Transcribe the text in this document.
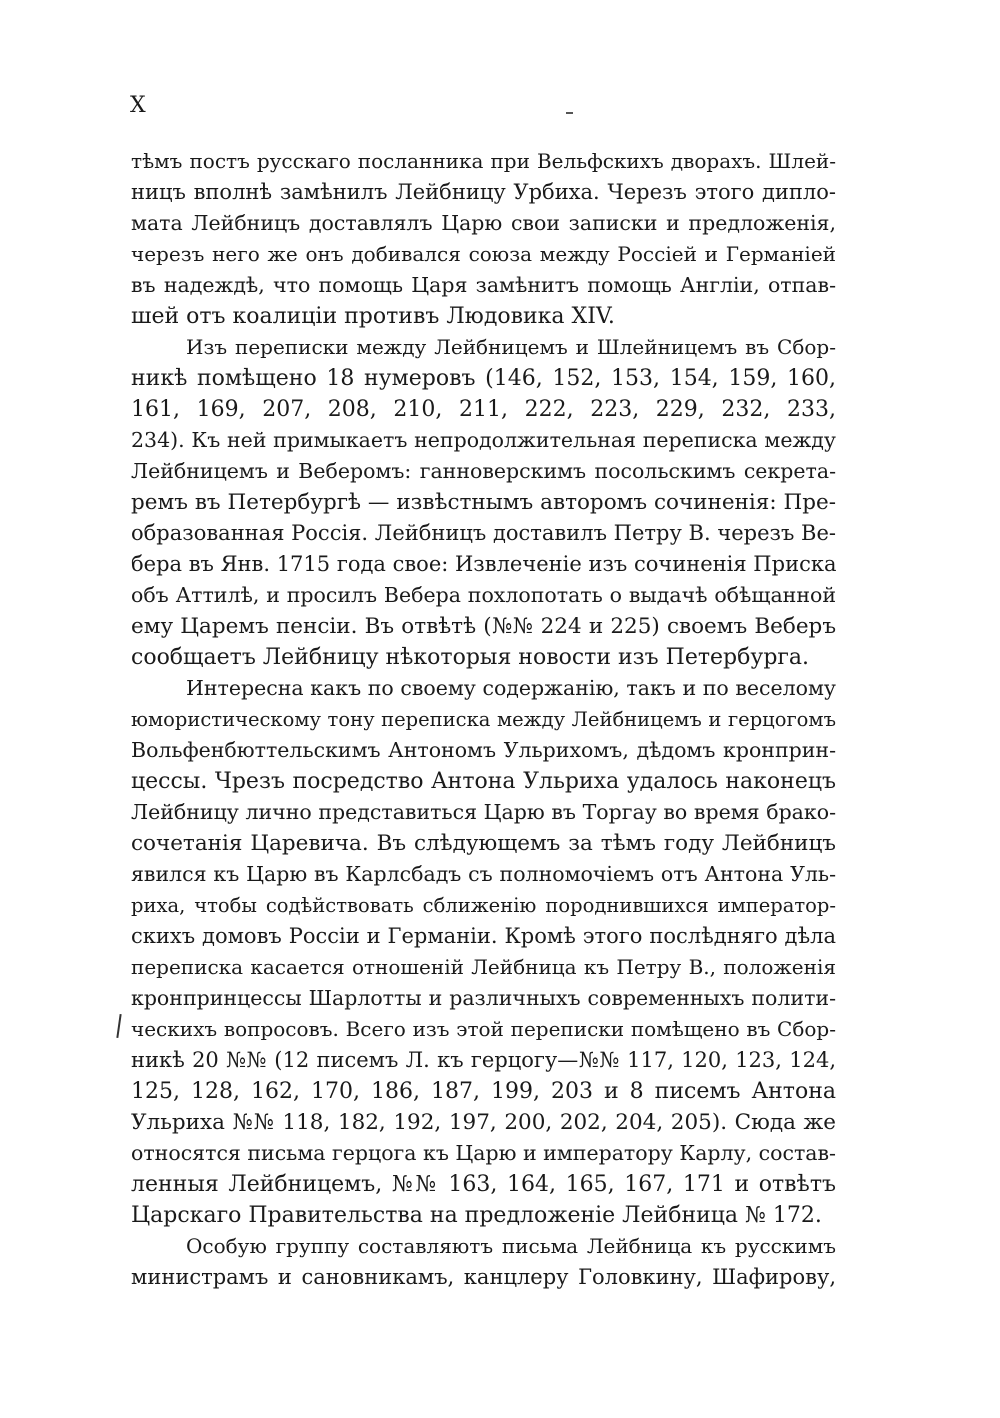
X
тѣмъ постъ русскаго посланника при Вельфскихъ дворахъ. Шлей-
ницъ вполнѣ замѣнилъ Лейбницу Урбиха. Черезъ этого дипло-
мата Лейбницъ доставлялъ Царю свои записки и предложенія,
черезъ него же онъ добивался союза между Россіей и Германіей
въ надеждѣ, что помощь Царя замѣнитъ помощь Англіи, отпав-
шей отъ коалиціи противъ Людовика XIV.
Изъ переписки между Лейбницемъ и Шлейницемъ въ Сбор-
никѣ помѣщено 18 нумеровъ (146, 152, 153, 154, 159, 160,
161, 169, 207, 208, 210, 211, 222, 223, 229, 232, 233,
234). Къ ней примыкаетъ непродолжительная переписка между
Лейбницемъ и Веберомъ: ганноверскимъ посольскимъ секрета-
ремъ въ Петербургѣ — извѣстнымъ авторомъ сочиненія: Пре-
образованная Россія. Лейбницъ доставилъ Петру В. черезъ Ве-
бера въ Янв. 1715 года свое: Извлеченіе изъ сочиненія Приска
объ Аттилѣ, и просилъ Вебера похлопотать о выдачѣ обѣщанной
ему Царемъ пенсіи. Въ отвѣтѣ (№№ 224 и 225) своемъ Веберъ
сообщаетъ Лейбницу нѣкоторыя новости изъ Петербурга.
Интересна какъ по своему содержанію, такъ и по веселому
юмористическому тону переписка между Лейбницемъ и герцогомъ
Вольфенбюттельскимъ Антономъ Ульрихомъ, дѣдомъ кронприн-
цессы. Чрезъ посредство Антона Ульриха удалось наконецъ
Лейбницу лично представиться Царю въ Торгау во время брако-
сочетанія Царевича. Въ слѣдующемъ за тѣмъ году Лейбницъ
явился къ Царю въ Карлсбадъ съ полномочіемъ отъ Антона Уль-
риха, чтобы содѣйствовать сближенію породнившихся император-
скихъ домовъ Россіи и Германіи. Кромѣ этого послѣдняго дѣла
переписка касается отношеній Лейбница къ Петру В., положенія
кронпринцессы Шарлотты и различныхъ современныхъ полити-
ческихъ вопросовъ. Всего изъ этой переписки помѣщено въ Сбор-
никѣ 20 №№ (12 писемъ Л. къ герцогу—№№ 117, 120, 123, 124,
125, 128, 162, 170, 186, 187, 199, 203 и 8 писемъ Антона
Ульриха №№ 118, 182, 192, 197, 200, 202, 204, 205). Сюда же
относятся письма герцога къ Царю и императору Карлу, состав-
ленныя Лейбницемъ, №№ 163, 164, 165, 167, 171 и отвѣтъ
Царскаго Правительства на предложеніе Лейбница № 172.
Особую группу составляютъ письма Лейбница къ русскимъ
министрамъ и сановникамъ, канцлеру Головкину, Шафирову,
